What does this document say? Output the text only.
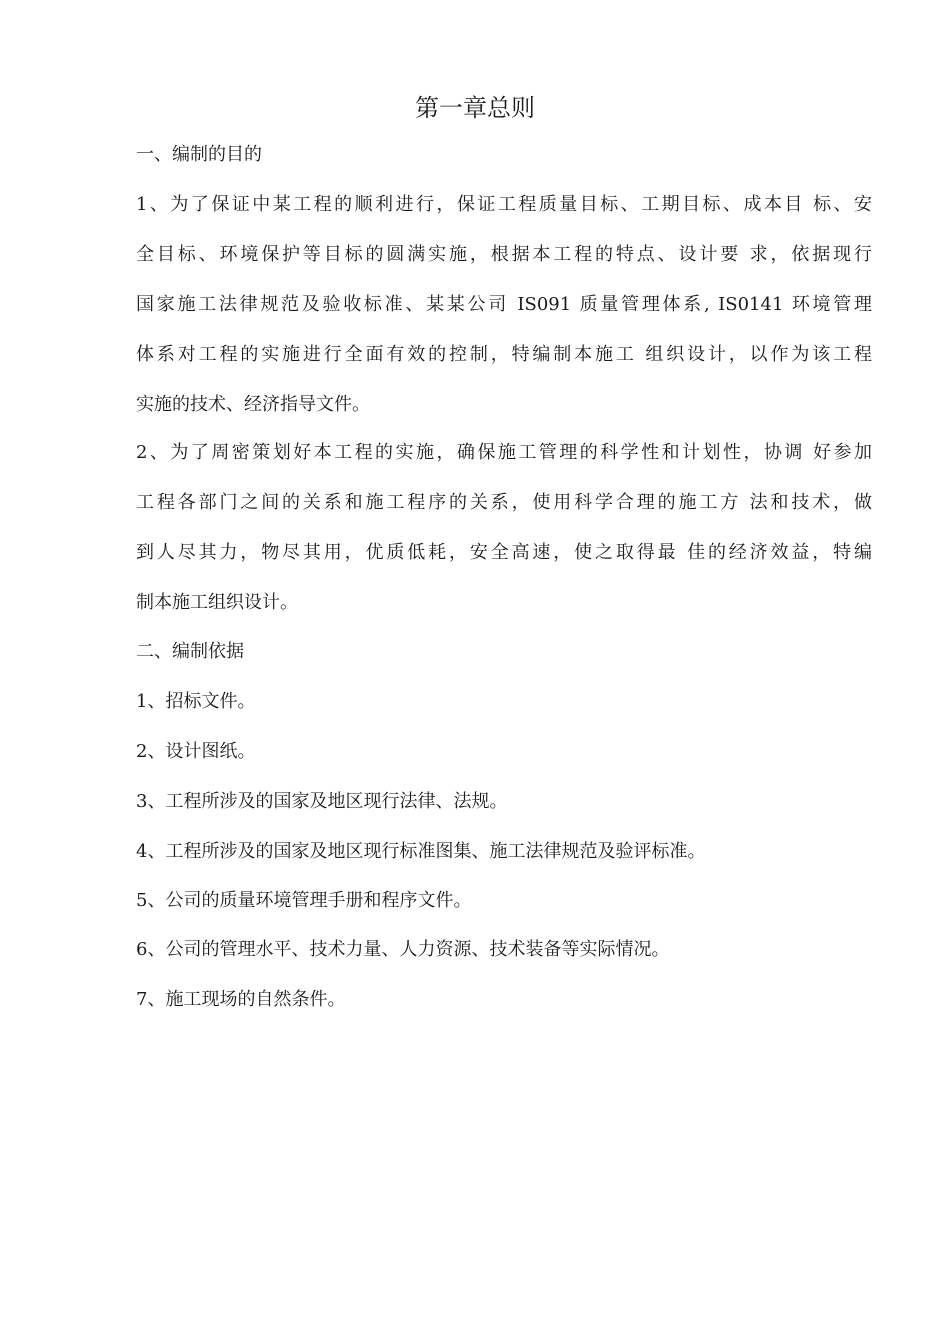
第一章总则
一、编制的目的
1、为了保证中某工程的顺利进行，保证工程质量目标、工期目标、成本目 标、安
全目标、环境保护等目标的圆满实施，根据本工程的特点、设计要 求，依据现行
国家施工法律规范及验收标准、某某公司 IS091 质量管理体系, IS0141 环境管理
体系对工程的实施进行全面有效的控制，特编制本施工 组织设计，以作为该工程
实施的技术、经济指导文件。
2、为了周密策划好本工程的实施，确保施工管理的科学性和计划性，协调 好参加
工程各部门之间的关系和施工程序的关系，使用科学合理的施工方 法和技术，做
到人尽其力，物尽其用，优质低耗，安全高速，使之取得最 佳的经济效益，特编
制本施工组织设计。
二、编制依据
1、招标文件。
2、设计图纸。
3、工程所涉及的国家及地区现行法律、法规。
4、工程所涉及的国家及地区现行标准图集、施工法律规范及验评标准。
5、公司的质量环境管理手册和程序文件。
6、公司的管理水平、技术力量、人力资源、技术装备等实际情况。
7、施工现场的自然条件。
